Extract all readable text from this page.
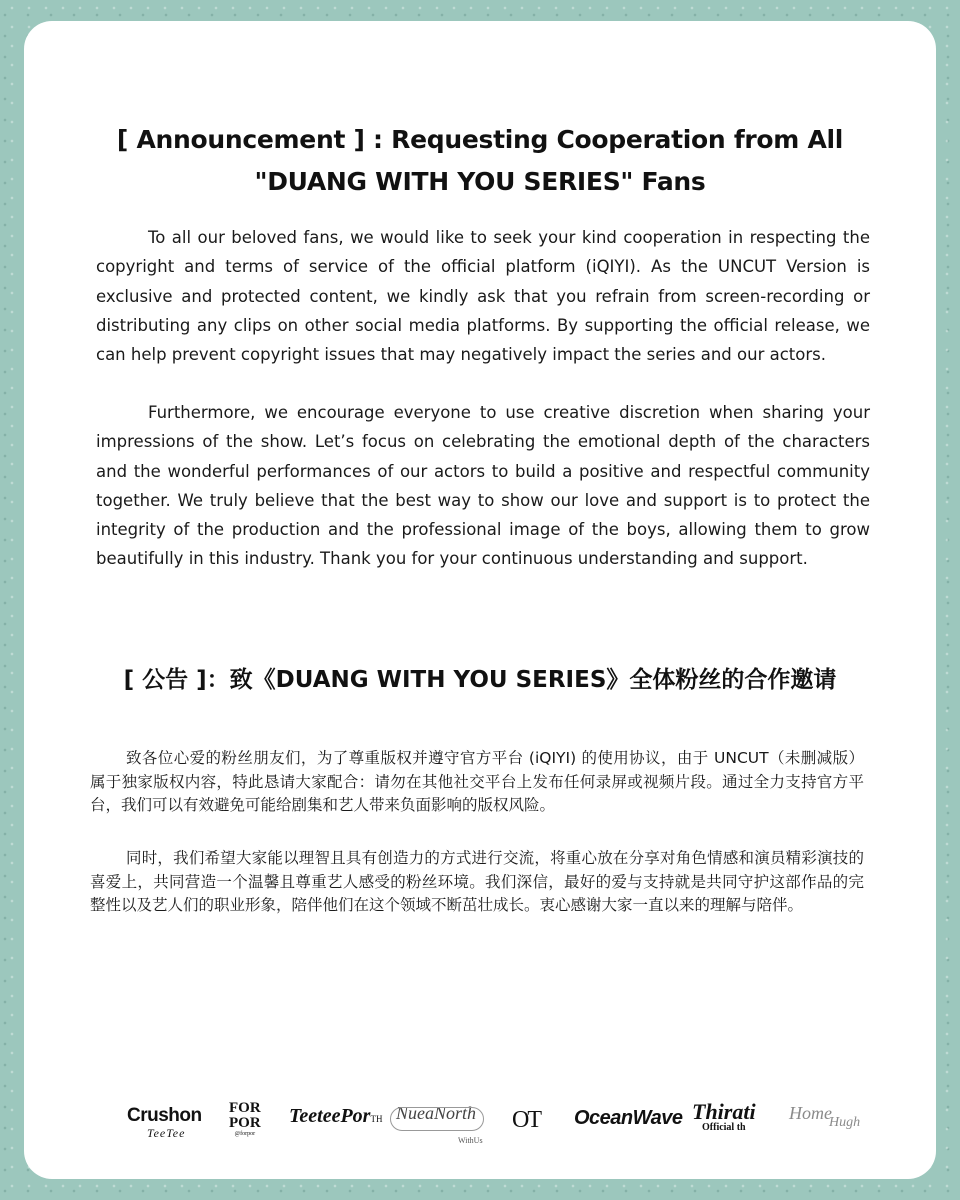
[ Announcement ] : Requesting Cooperation from All
"DUANG WITH YOU SERIES" Fans

To all our beloved fans, we would like to seek your kind cooperation in respecting the copyright and terms of service of the official platform (iQIYI). As the UNCUT Version is exclusive and protected content, we kindly ask that you refrain from screen-recording or distributing any clips on other social media platforms. By supporting the official release, we can help prevent copyright issues that may negatively impact the series and our actors.

Furthermore, we encourage everyone to use creative discretion when sharing your impressions of the show. Let’s focus on celebrating the emotional depth of the characters and the wonderful performances of our actors to build a positive and respectful community together. We truly believe that the best way to show our love and support is to protect the integrity of the production and the professional image of the boys, allowing them to grow beautifully in this industry. Thank you for your continuous understanding and support.

[ 公告 ]：致《DUANG WITH YOU SERIES》全体粉丝的合作邀请

致各位心爱的粉丝朋友们，为了尊重版权并遵守官方平台 (iQIYI) 的使用协议，由于 UNCUT（未删减版） 属于独家版权内容，特此恳请大家配合：请勿在其他社交平台上发布任何录屏或视频片段。通过全力支持官方平台，我们可以有效避免可能给剧集和艺人带来负面影响的版权风险。

同时，我们希望大家能以理智且具有创造力的方式进行交流，将重心放在分享对角色情感和演员精彩演技的喜爱上，共同营造一个温馨且尊重艺人感受的粉丝环境。我们深信，最好的爱与支持就是共同守护这部作品的完整性以及艺人们的职业形象，陪伴他们在这个领域不断茁壮成长。衷心感谢大家一直以来的理解与陪伴。

Crushon
TeeTee
FOR
POR
@forpor
TeeteePorTH NueaNorth
WithUs
OT OceanWave Thirati
Official th
Home
Hugh
